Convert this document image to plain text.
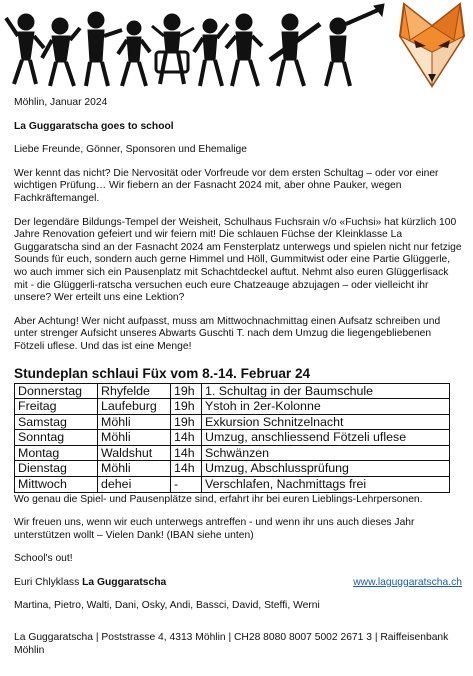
Möhlin, Januar 2024

La Guggaratscha goes to school

Liebe Freunde, Gönner, Sponsoren und Ehemalige

Wer kennt das nicht? Die Nervosität oder Vorfreude vor dem ersten Schultag – oder vor einer wichtigen Prüfung… Wir fiebern an der Fasnacht 2024 mit, aber ohne Pauker, wegen Fachkräftemangel.

Der legendäre Bildungs-Tempel der Weisheit, Schulhaus Fuchsrain v/o «Fuchsi» hat kürzlich 100 Jahre Renovation gefeiert und wir feiern mit! Die schlauen Füchse der Kleinklasse La Guggaratscha sind an der Fasnacht 2024 am Fensterplatz unterwegs und spielen nicht nur fetzige Sounds für euch, sondern auch gerne Himmel und Höll, Gummitwist oder eine Partie Glüggerle, wo auch immer sich ein Pausenplatz mit Schachtdeckel auftut. Nehmt also euren Glüggerlisack mit - die Glüggerli-ratscha versuchen euch eure Chatzeauge abzujagen – oder vielleicht ihr unsere? Wer erteilt uns eine Lektion?

Aber Achtung! Wer nicht aufpasst, muss am Mittwochnachmittag einen Aufsatz schreiben und unter strenger Aufsicht unseres Abwarts Guschti T. nach dem Umzug die liegengebliebenen Fötzeli uflese. Und das ist eine Menge!

Stundeplan schlaui Füx vom 8.-14. Februar 24
Donnerstag	Rhyfelde	19h	1. Schultag in der Baumschule
Freitag	Laufeburg	19h	Ystoh in 2er-Kolonne
Samstag	Möhli	19h	Exkursion Schnitzelnacht
Sonntag	Möhli	14h	Umzug, anschliessend Fötzeli uflese
Montag	Waldshut	14h	Schwänzen
Dienstag	Möhli	14h	Umzug, Abschlussprüfung
Mittwoch	dehei	-	Verschlafen, Nachmittags frei
Wo genau die Spiel- und Pausenplätze sind, erfahrt ihr bei euren Lieblings-Lehrpersonen.

Wir freuen uns, wenn wir euch unterwegs antreffen - und wenn ihr uns auch dieses Jahr unterstützen wollt – Vielen Dank! (IBAN siehe unten)

School's out!

Euri Chlyklass La Guggaratscha	www.laguggaratscha.ch
Martina, Pietro, Walti, Dani, Osky, Andi, Bassci, David, Steffi, Werni
La Guggaratscha | Poststrasse 4, 4313 Möhlin | CH28 8080 8007 5002 2671 3 | Raiffeisenbank Möhlin
